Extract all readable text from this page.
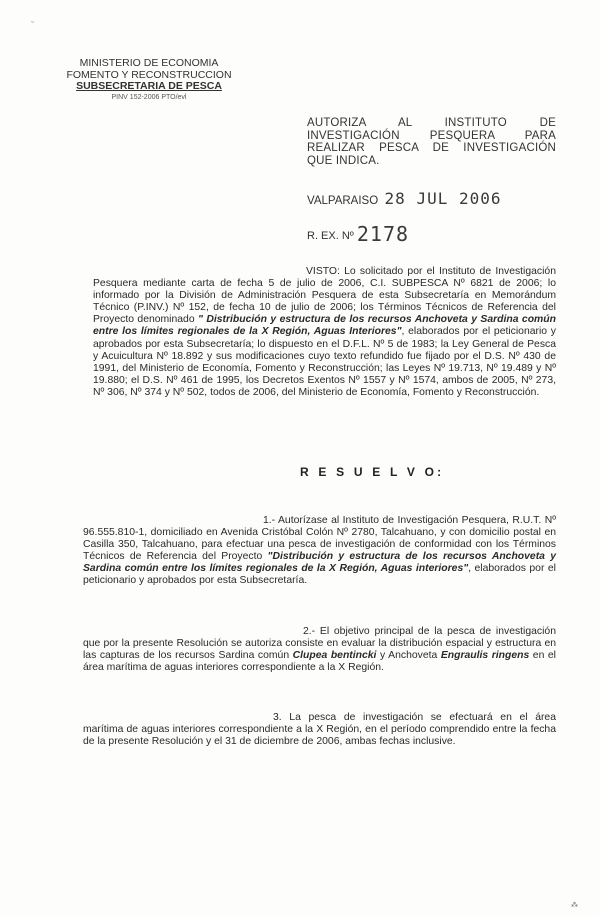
ˇ
MINISTERIO DE ECONOMIA
FOMENTO Y RECONSTRUCCION
SUBSECRETARIA DE PESCA
PINV 152-2006 PTO/evl
AUTORIZA AL INSTITUTO DE
INVESTIGACIÓN PESQUERA PARA
REALIZAR PESCA DE INVESTIGACIÓN
QUE INDICA.
VALPARAISO 28 JUL 2006
R. EX. Nº 2178
VISTO: Lo solicitado por el Instituto de Investigación Pesquera mediante carta de fecha 5 de julio de 2006, C.I. SUBPESCA Nº 6821 de 2006; lo informado por la División de Administración Pesquera de esta Subsecretaría en Memorándum Técnico (P.INV.) Nº 152, de fecha 10 de julio de 2006; los Términos Técnicos de Referencia del Proyecto denominado " Distribución y estructura de los recursos Anchoveta y Sardina común entre los límites regionales de la X Región, Aguas Interiores", elaborados por el peticionario y aprobados por esta Subsecretaría; lo dispuesto en el D.F.L. Nº 5 de 1983; la Ley General de Pesca y Acuicultura Nº 18.892 y sus modificaciones cuyo texto refundido fue fijado por el D.S. Nº 430 de 1991, del Ministerio de Economía, Fomento y Reconstrucción; las Leyes Nº 19.713, Nº 19.489 y Nº 19.880; el D.S. Nº 461 de 1995, los Decretos Exentos Nº 1557 y Nº 1574, ambos de 2005, Nº 273, Nº 306, Nº 374 y Nº 502, todos de 2006, del Ministerio de Economía, Fomento y Reconstrucción.
R E S U E L V O:
1.- Autorízase al Instituto de Investigación Pesquera, R.U.T. Nº 96.555.810-1, domiciliado en Avenida Cristóbal Colón Nº 2780, Talcahuano, y con domicilio postal en Casilla 350, Talcahuano, para efectuar una pesca de investigación de conformidad con los Términos Técnicos de Referencia del Proyecto "Distribución y estructura de los recursos Anchoveta y Sardina común entre los límites regionales de la X Región, Aguas interiores", elaborados por el peticionario y aprobados por esta Subsecretaría.
2.- El objetivo principal de la pesca de investigación que por la presente Resolución se autoriza consiste en evaluar la distribución espacial y estructura en las capturas de los recursos Sardina común Clupea bentincki y Anchoveta Engraulis ringens en el área marítima de aguas interiores correspondiente a la X Región.
3. La pesca de investigación se efectuará en el área marítima de aguas interiores correspondiente a la X Región, en el período comprendido entre la fecha de la presente Resolución y el 31 de diciembre de 2006, ambas fechas inclusive.
⁂
